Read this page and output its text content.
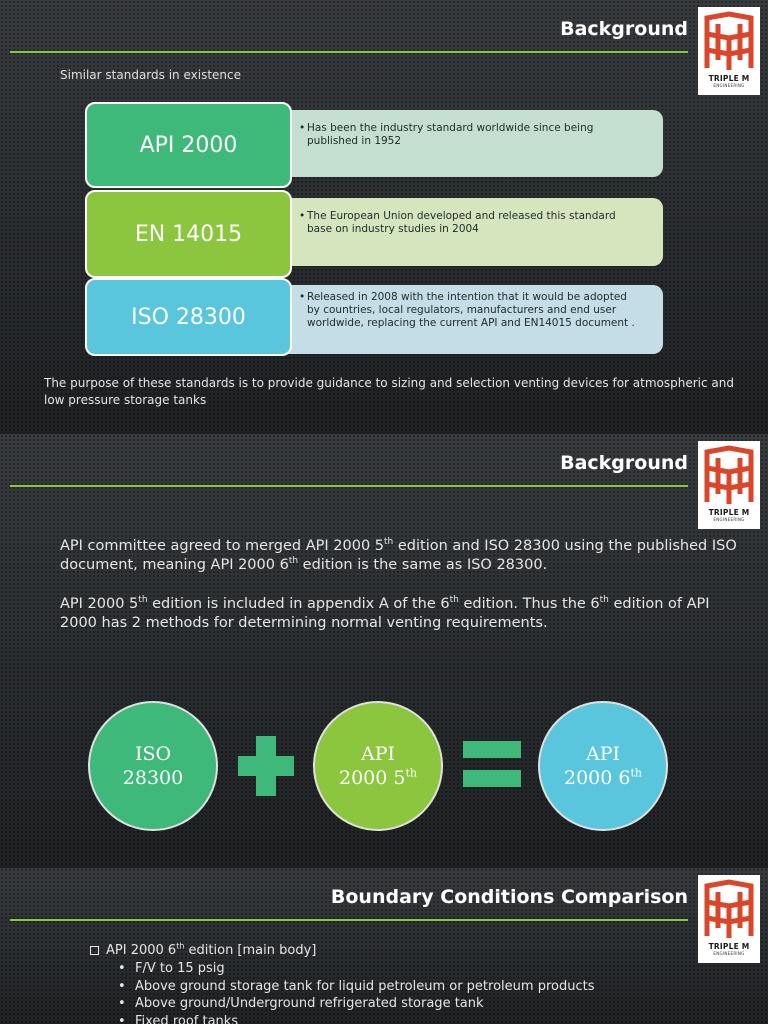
Background
TRIPLE M
ENGINEERING
Similar standards in existence
• Has been the industry standard worldwide since being published in 1952
API 2000
• The European Union developed and released this standard base on industry studies in 2004
EN 14015
• Released in 2008 with the intention that it would be adopted by countries, local regulators, manufacturers and end user worldwide, replacing the current API and EN14015 document .
ISO 28300
The purpose of these standards is to provide guidance to sizing and selection venting devices for atmospheric and low pressure storage tanks
Background
TRIPLE M
ENGINEERING
API committee agreed to merged API 2000 5th edition and ISO 28300 using the published ISO document, meaning API 2000 6th edition is the same as ISO 28300.
API 2000 5th edition is included in appendix A of the 6th edition. Thus the 6th edition of API 2000 has 2 methods for determining normal venting requirements.
ISO
28300
API
2000 5th
API
2000 6th
Boundary Conditions Comparison
TRIPLE M
ENGINEERING
API 2000 6th edition [main body]
• F/V to 15 psig
• Above ground storage tank for liquid petroleum or petroleum products
• Above ground/Underground refrigerated storage tank
• Fixed roof tanks
